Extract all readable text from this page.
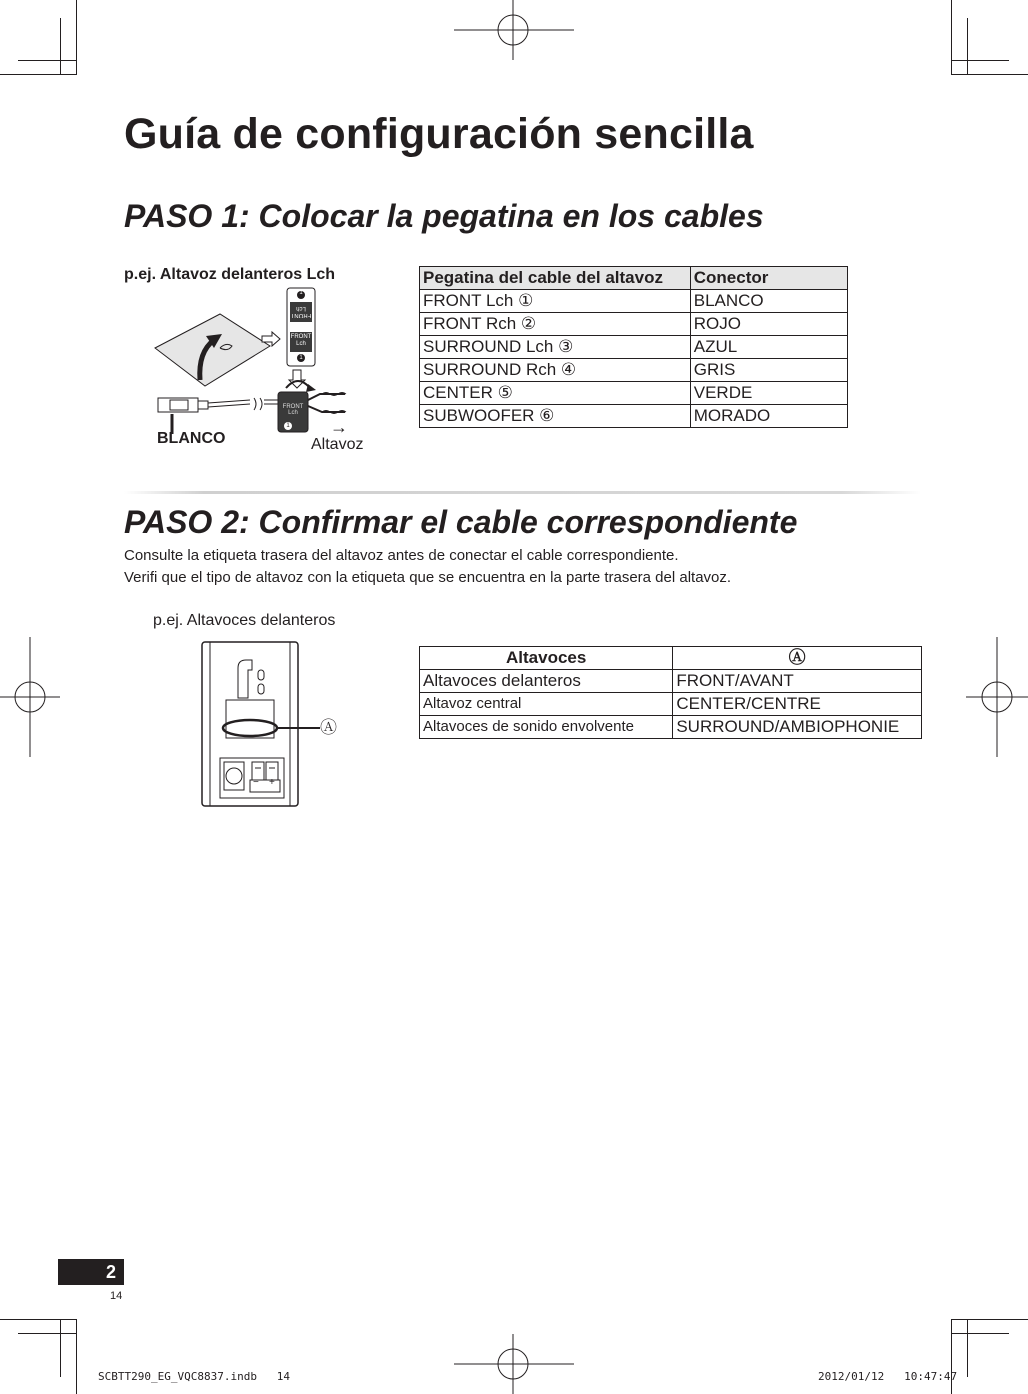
Guía de configuración sencilla
PASO 1: Colocar la pegatina en los cables
p.ej. Altavoz delanteros Lch
FRONT
Lch
FRONT
Lch
1
1
FRONT
Lch
1
BLANCO
→
Altavoz
Pegatina del cable del altavoz	Conector
FRONT Lch ①	BLANCO
FRONT Rch ②	ROJO
SURROUND Lch ③	AZUL
SURROUND Rch ④	GRIS
CENTER ⑤	VERDE
SUBWOOFER ⑥	MORADO
PASO 2: Confirmar el cable correspondiente
Consulte la etiqueta trasera del altavoz antes de conectar el cable correspondiente.
Verifi que el tipo de altavoz con la etiqueta que se encuentra en la parte trasera del altavoz.
p.ej. Altavoces delanteros
− +
Ⓐ
Altavoces	Ⓐ
Altavoces delanteros	FRONT/AVANT
Altavoz central	CENTER/CENTRE
Altavoces de sonido envolvente	SURROUND/AMBIOPHONIE
2
14
SCBTT290_EG_VQC8837.indb   14	2012/01/12   10:47:47
